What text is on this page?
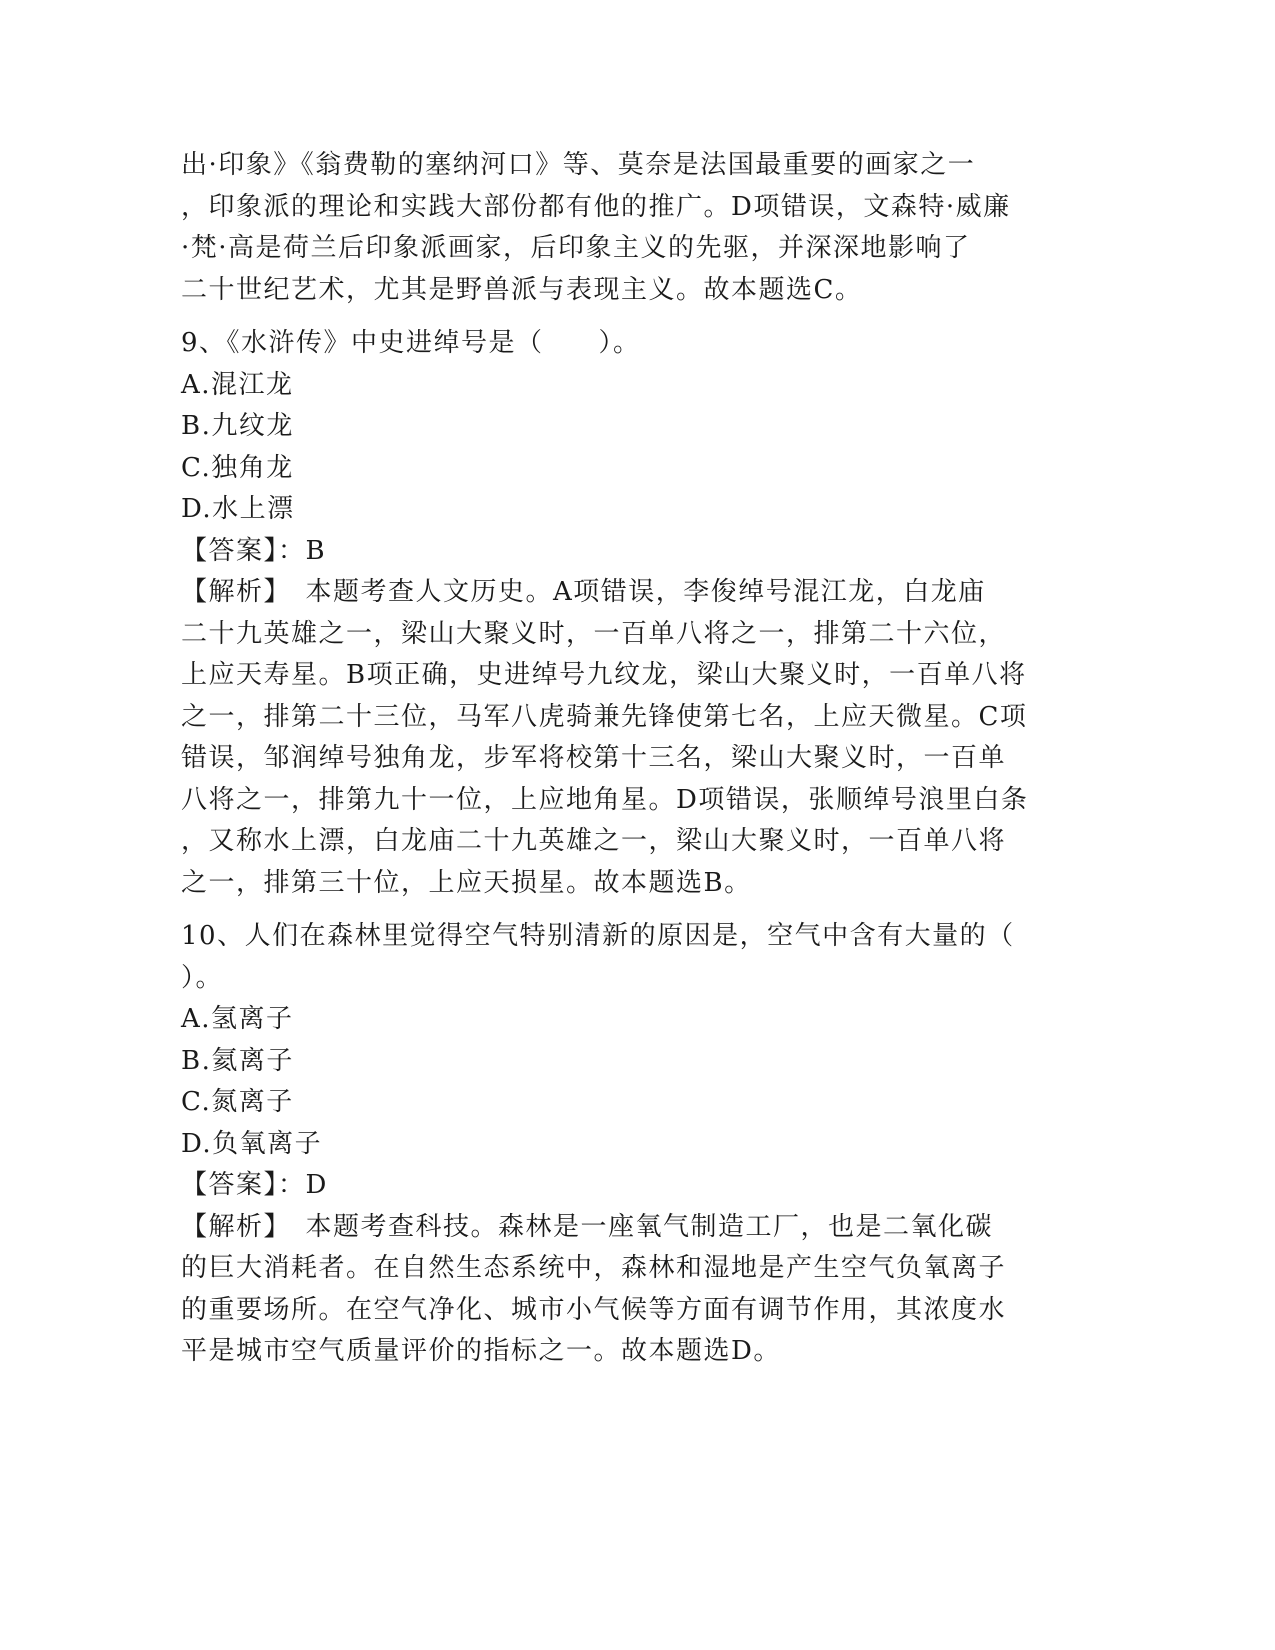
出·印象》《翁费勒的塞纳河口》等、莫奈是法国最重要的画家之一
，印象派的理论和实践大部份都有他的推广。D项错误，文森特·威廉
·梵·高是荷兰后印象派画家，后印象主义的先驱，并深深地影响了
二十世纪艺术，尤其是野兽派与表现主义。故本题选C。
9、《水浒传》中史进绰号是（　　）。
A.混江龙
B.九纹龙
C.独角龙
D.水上漂
【答案】：B
【解析】　本题考查人文历史。A项错误，李俊绰号混江龙，白龙庙
二十九英雄之一，梁山大聚义时，一百单八将之一，排第二十六位，
上应天寿星。B项正确，史进绰号九纹龙，梁山大聚义时，一百单八将
之一，排第二十三位，马军八虎骑兼先锋使第七名，上应天微星。C项
错误，邹润绰号独角龙，步军将校第十三名，梁山大聚义时，一百单
八将之一，排第九十一位，上应地角星。D项错误，张顺绰号浪里白条
，又称水上漂，白龙庙二十九英雄之一，梁山大聚义时，一百单八将
之一，排第三十位，上应天损星。故本题选B。
10、人们在森林里觉得空气特别清新的原因是，空气中含有大量的（
）。
A.氢离子
B.氦离子
C.氮离子
D.负氧离子
【答案】：D
【解析】　本题考查科技。森林是一座氧气制造工厂，也是二氧化碳
的巨大消耗者。在自然生态系统中，森林和湿地是产生空气负氧离子
的重要场所。在空气净化、城市小气候等方面有调节作用，其浓度水
平是城市空气质量评价的指标之一。故本题选D。
